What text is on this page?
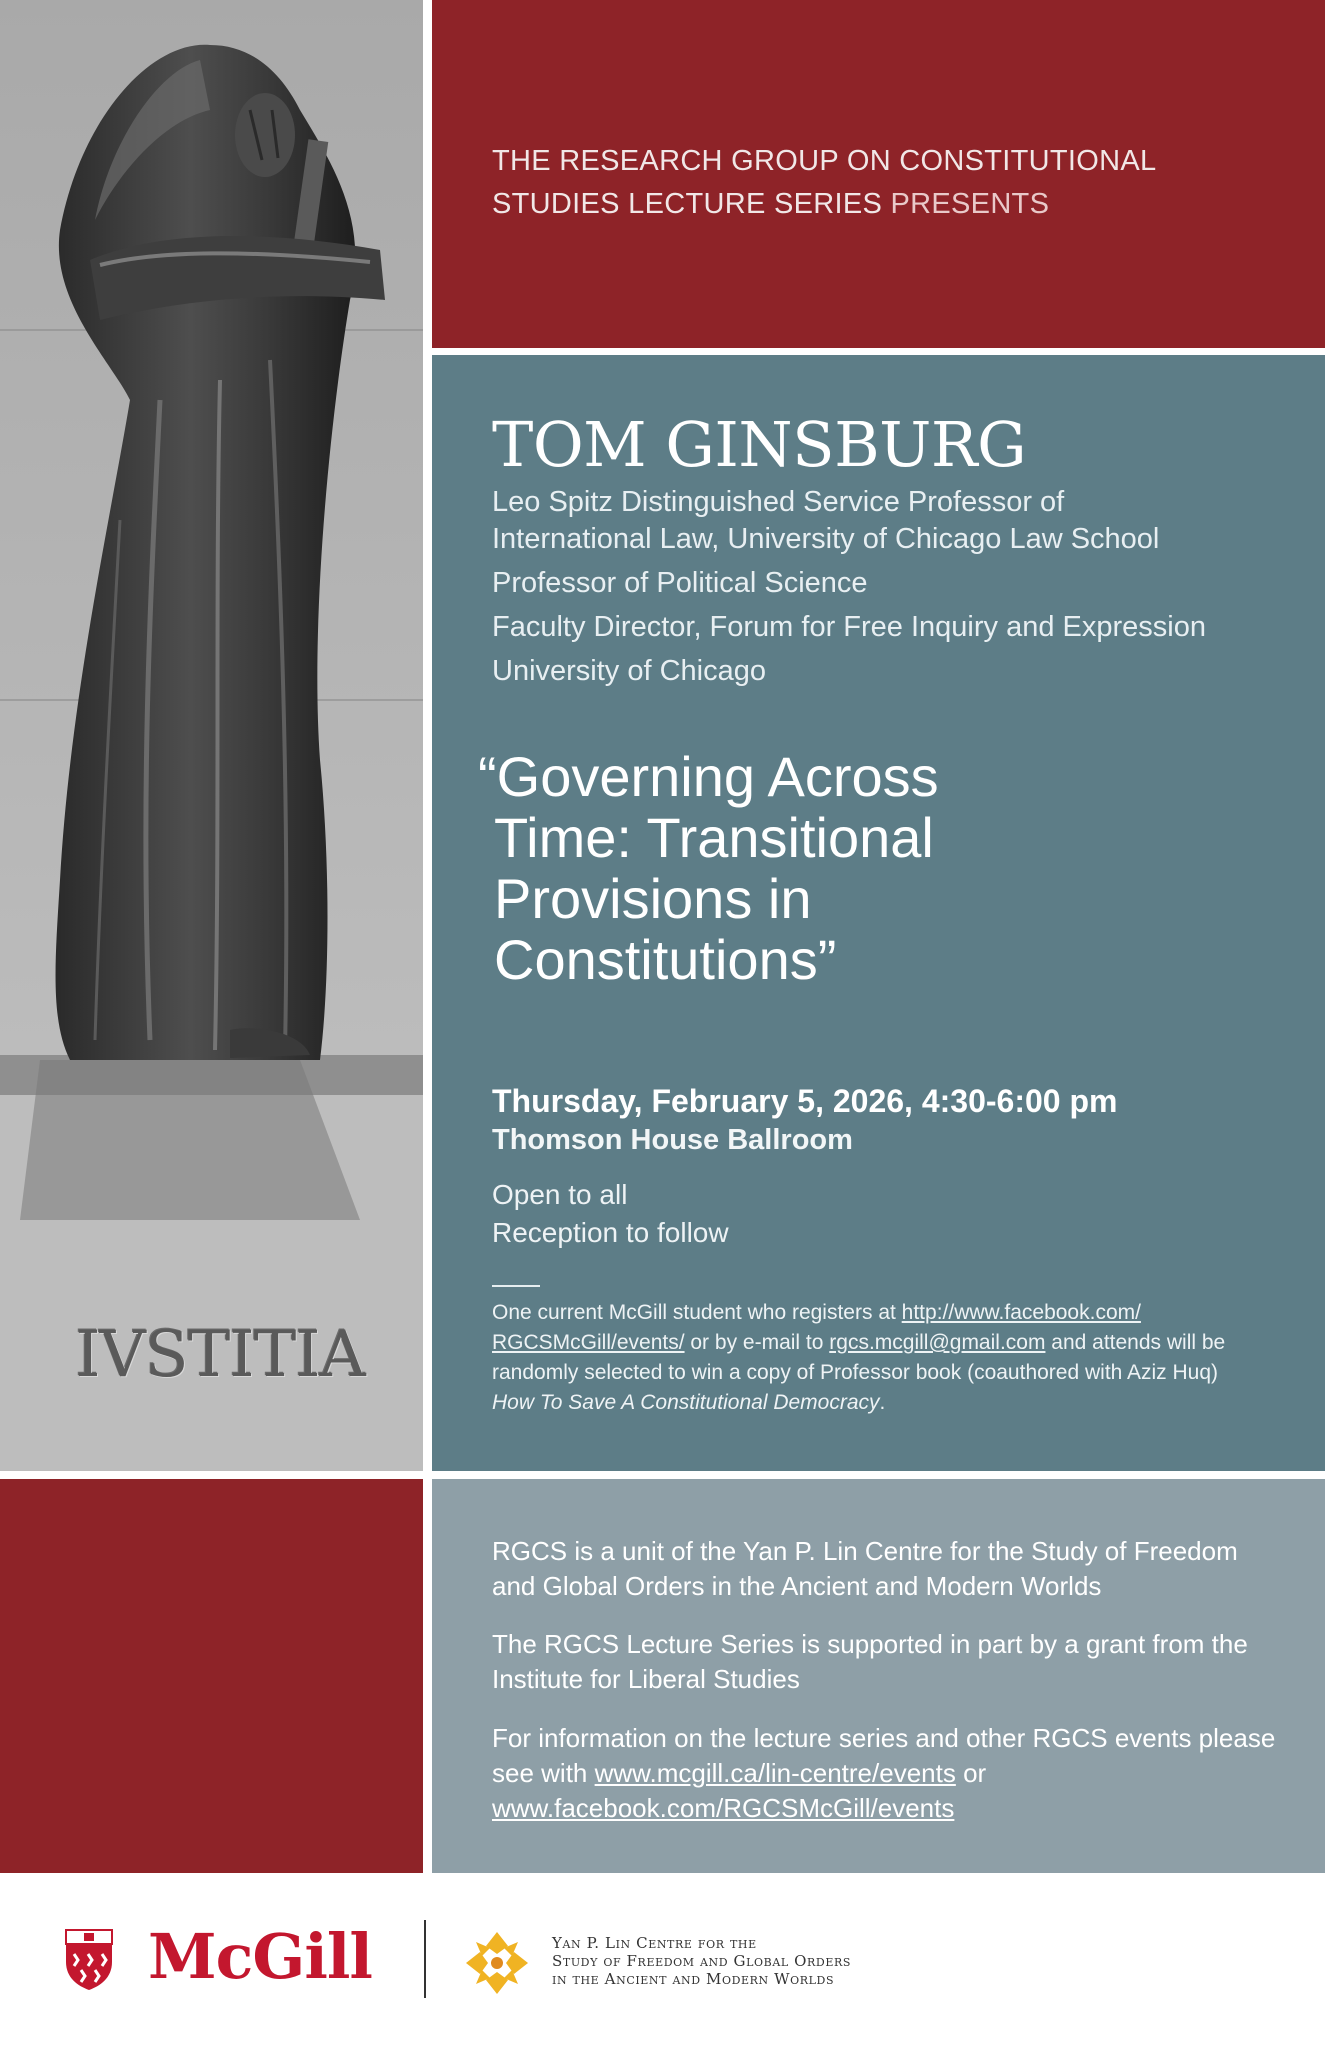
IVSTITIA
THE RESEARCH GROUP ON CONSTITUTIONAL
STUDIES LECTURE SERIES PRESENTS
TOM GINSBURG
Leo Spitz Distinguished Service Professor of
International Law, University of Chicago Law School
Professor of Political Science
Faculty Director, Forum for Free Inquiry and Expression
University of Chicago
“Governing Across
Time: Transitional
Provisions in
Constitutions”
Thursday, February 5, 2026, 4:30-6:00 pm
Thomson House Ballroom
Open to all
Reception to follow
One current McGill student who registers at http://www.facebook.com/ RGCSMcGill/events/ or by e-mail to rgcs.mcgill@gmail.com and attends will be randomly selected to win a copy of Professor book (coauthored with Aziz Huq) How To Save A Constitutional Democracy.
RGCS is a unit of the Yan P. Lin Centre for the Study of Freedom and Global Orders in the Ancient and Modern Worlds
The RGCS Lecture Series is supported in part by a grant from the Institute for Liberal Studies
For information on the lecture series and other RGCS events please see with www.mcgill.ca/lin-centre/events or www.facebook.com/RGCSMcGill/events
McGill	Yan P. Lin Centre for the
Study of Freedom and Global Orders
in the Ancient and Modern Worlds
